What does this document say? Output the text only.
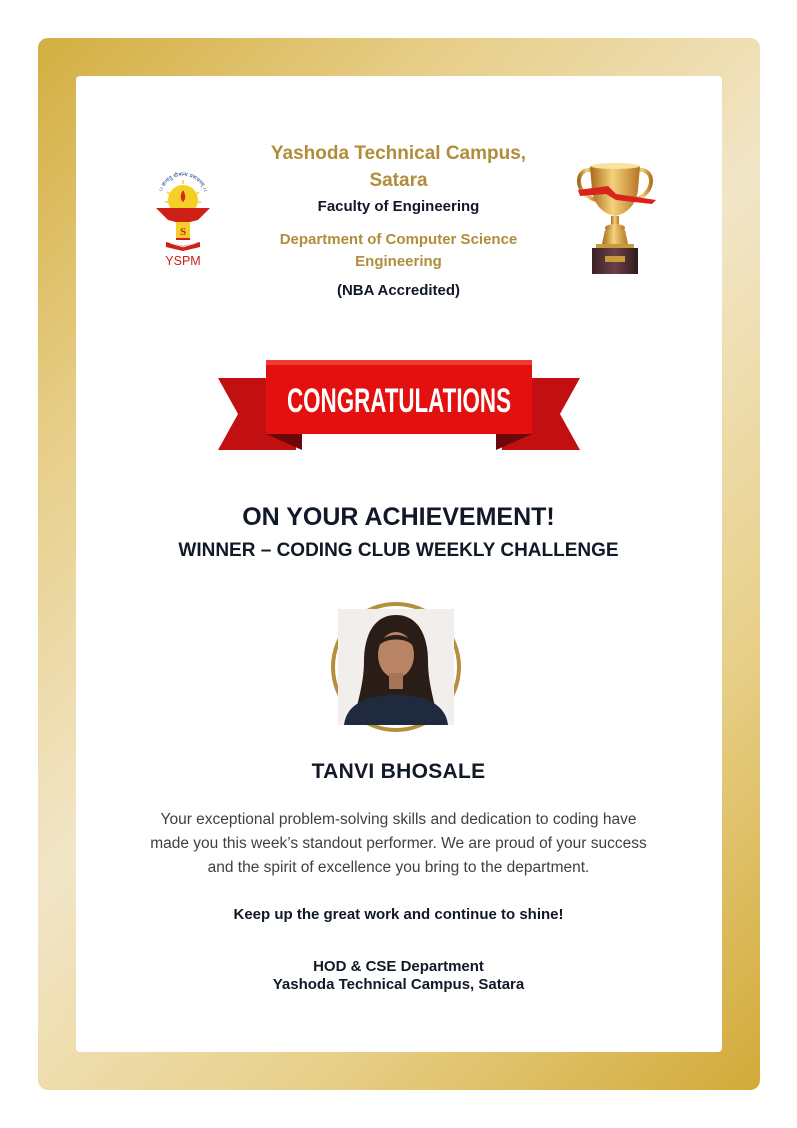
।। ज्ञानातु धीमान्य प्रवाचनम् ।।
S
YSPM
Yashoda Technical Campus,
Satara
Faculty of Engineering
Department of Computer Science
Engineering
(NBA Accredited)
CONGRATULATIONS
ON YOUR ACHIEVEMENT!
WINNER – CODING CLUB WEEKLY CHALLENGE
TANVI BHOSALE
Your exceptional problem-solving skills and dedication to coding have
made you this week’s standout performer. We are proud of your success
and the spirit of excellence you bring to the department.
Keep up the great work and continue to shine!
HOD & CSE Department
Yashoda Technical Campus, Satara
